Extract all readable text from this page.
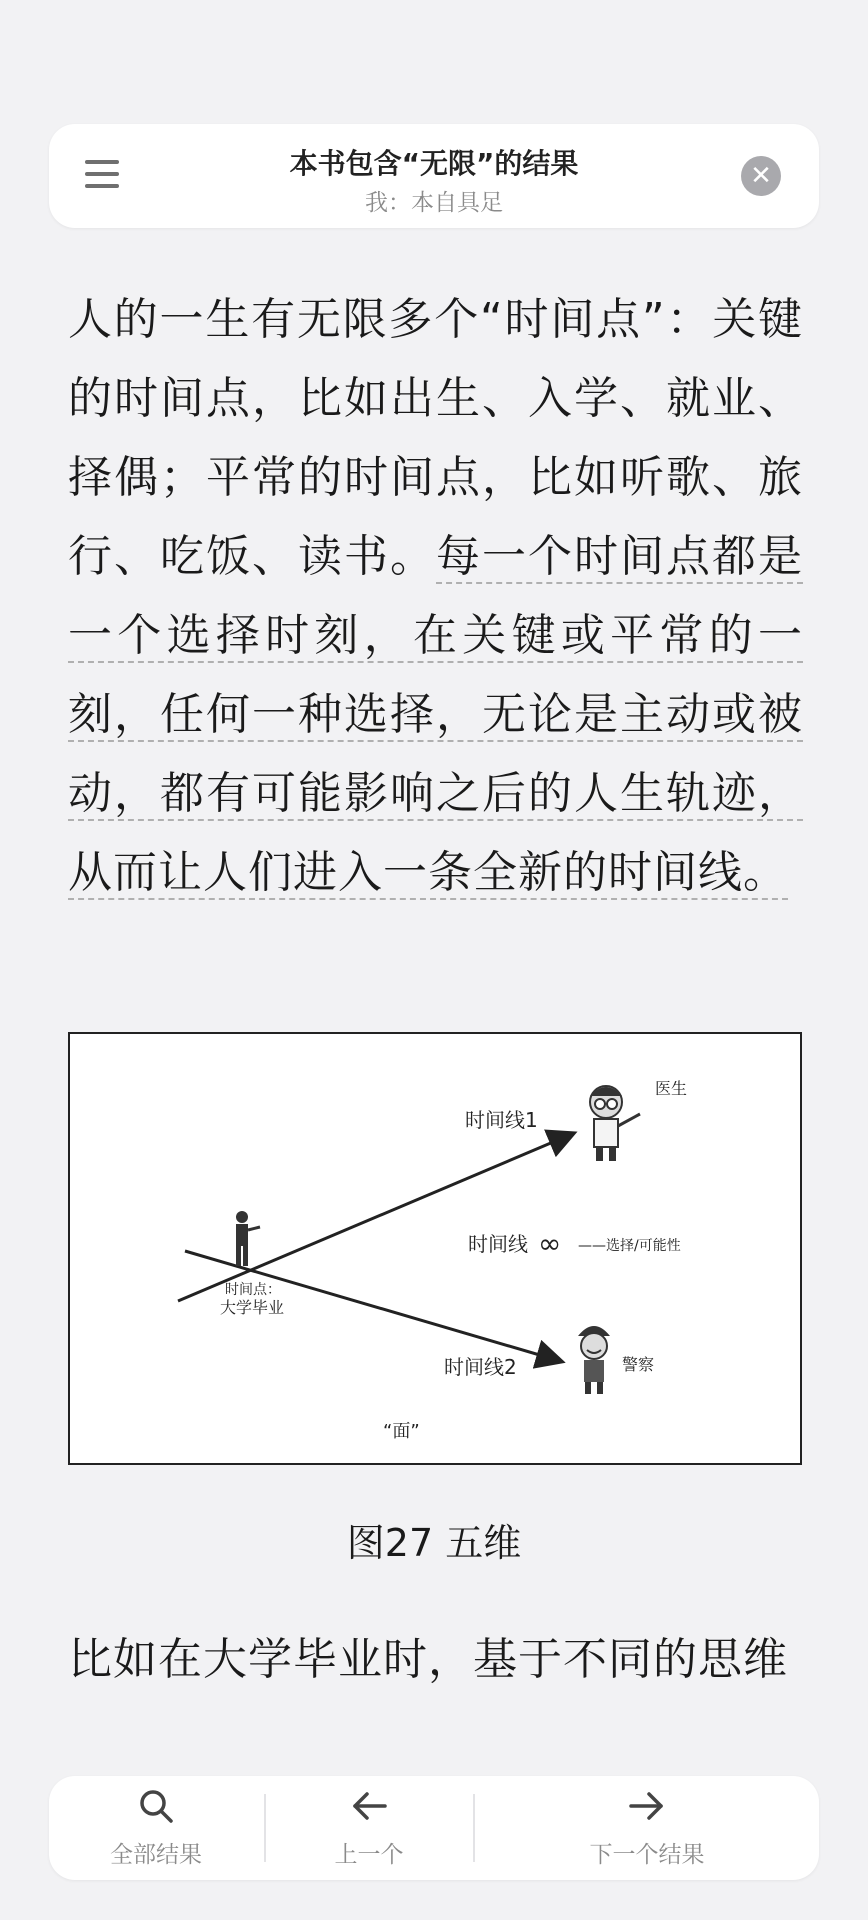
本书包含“无限”的结果
我：本自具足
✕
人的一生有无限多个“时间点”：关键的时间点，比如出生、入学、就业、择偶；平常的时间点，比如听歌、旅行、吃饭、读书。每一个时间点都是一个选择时刻，在关键或平常的一刻，任何一种选择，无论是主动或被动，都有可能影响之后的人生轨迹，从而让人们进入一条全新的时间线。
时间线1
医生
时间线 ∞ ——选择/可能性
时间点：
大学毕业
时间线2	警察
“面”
图27 五维
比如在大学毕业时，基于不同的思维
全部结果	上一个	下一个结果
